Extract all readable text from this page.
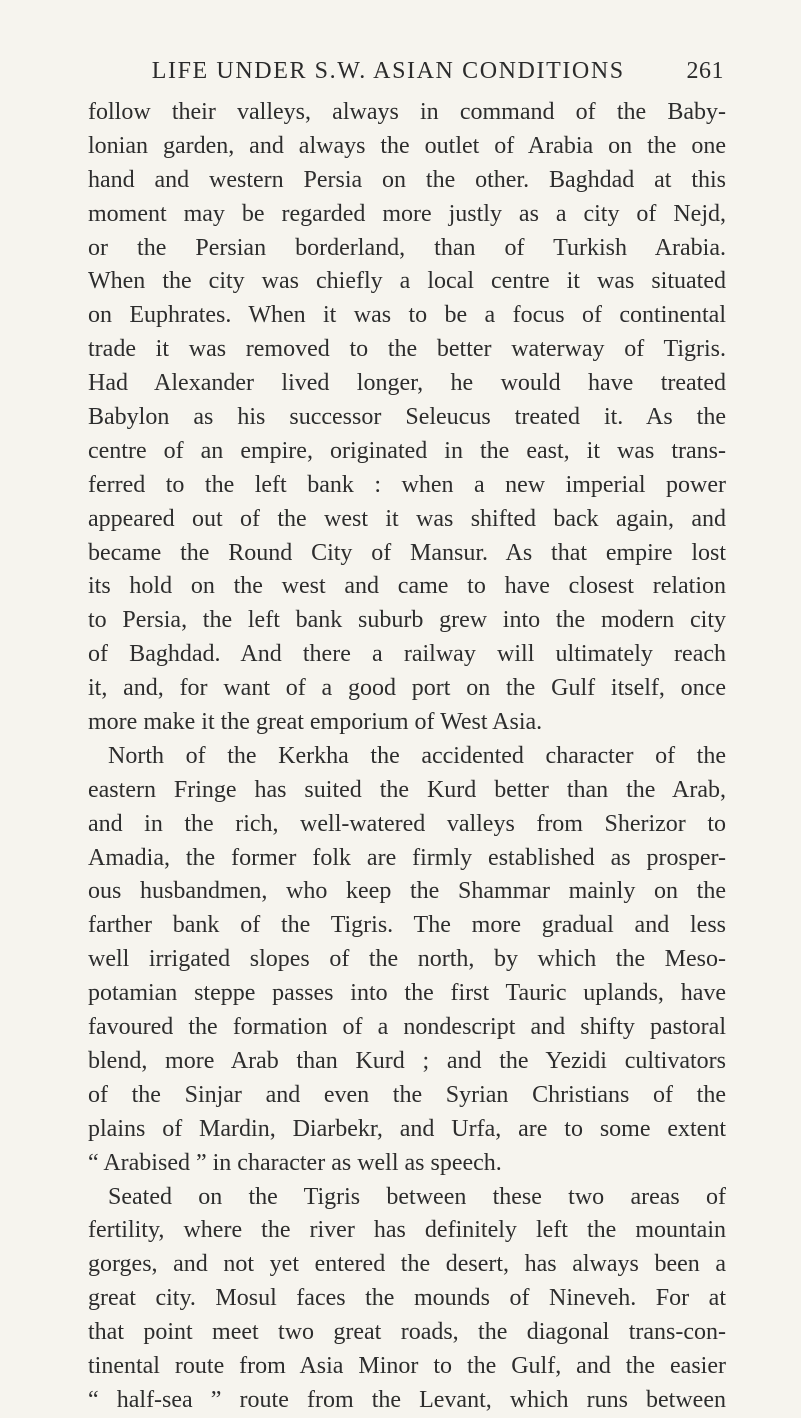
LIFE UNDER S.W. ASIAN CONDITIONS	261
follow their valleys, always in command of the Baby-
lonian garden, and always the outlet of Arabia on the one
hand and western Persia on the other. Baghdad at this
moment may be regarded more justly as a city of Nejd,
or the Persian borderland, than of Turkish Arabia.
When the city was chiefly a local centre it was situated
on Euphrates. When it was to be a focus of continental
trade it was removed to the better waterway of Tigris.
Had Alexander lived longer, he would have treated
Babylon as his successor Seleucus treated it. As the
centre of an empire, originated in the east, it was trans-
ferred to the left bank : when a new imperial power
appeared out of the west it was shifted back again, and
became the Round City of Mansur. As that empire lost
its hold on the west and came to have closest relation
to Persia, the left bank suburb grew into the modern city
of Baghdad. And there a railway will ultimately reach
it, and, for want of a good port on the Gulf itself, once
more make it the great emporium of West Asia.
North of the Kerkha the accidented character of the
eastern Fringe has suited the Kurd better than the Arab,
and in the rich, well-watered valleys from Sherizor to
Amadia, the former folk are firmly established as prosper-
ous husbandmen, who keep the Shammar mainly on the
farther bank of the Tigris. The more gradual and less
well irrigated slopes of the north, by which the Meso-
potamian steppe passes into the first Tauric uplands, have
favoured the formation of a nondescript and shifty pastoral
blend, more Arab than Kurd ; and the Yezidi cultivators
of the Sinjar and even the Syrian Christians of the
plains of Mardin, Diarbekr, and Urfa, are to some extent
“ Arabised ” in character as well as speech.
Seated on the Tigris between these two areas of
fertility, where the river has definitely left the mountain
gorges, and not yet entered the desert, has always been a
great city. Mosul faces the mounds of Nineveh. For at
that point meet two great roads, the diagonal trans-con-
tinental route from Asia Minor to the Gulf, and the easier
“ half-sea ” route from the Levant, which runs between
